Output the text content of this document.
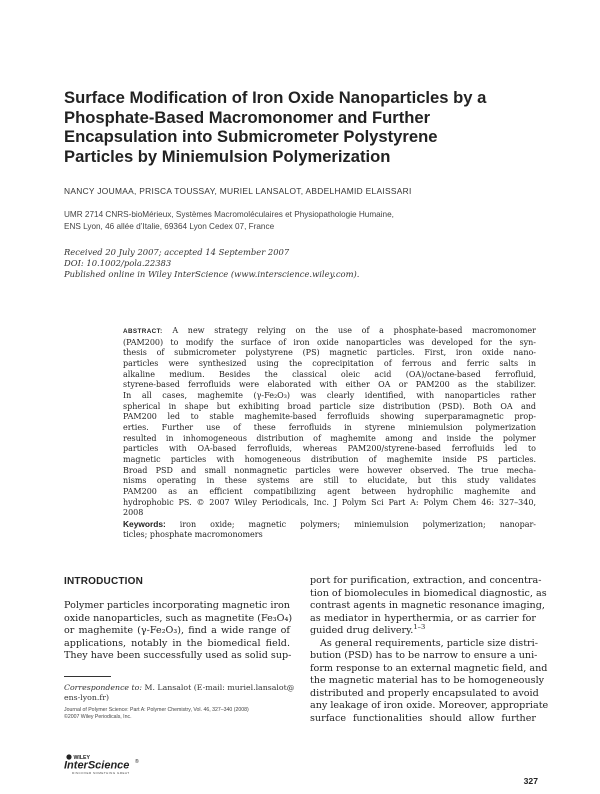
Surface Modification of Iron Oxide Nanoparticles by a
Phosphate-Based Macromonomer and Further
Encapsulation into Submicrometer Polystyrene
Particles by Miniemulsion Polymerization
NANCY JOUMAA, PRISCA TOUSSAY, MURIEL LANSALOT, ABDELHAMID ELAISSARI
UMR 2714 CNRS-bioMérieux, Systèmes Macromoléculaires et Physiopathologie Humaine,
ENS Lyon, 46 allée d’Italie, 69364 Lyon Cedex 07, France
Received 20 July 2007; accepted 14 September 2007
DOI: 10.1002/pola.22383
Published online in Wiley InterScience (www.interscience.wiley.com).
ABSTRACT: A new strategy relying on the use of a phosphate-based macromonomer
(PAM200) to modify the surface of iron oxide nanoparticles was developed for the syn-
thesis of submicrometer polystyrene (PS) magnetic particles. First, iron oxide nano-
particles were synthesized using the coprecipitation of ferrous and ferric salts in
alkaline medium. Besides the classical oleic acid (OA)/octane-based ferrofluid,
styrene-based ferrofluids were elaborated with either OA or PAM200 as the stabilizer.
In all cases, maghemite (γ-Fe₂O₃) was clearly identified, with nanoparticles rather
spherical in shape but exhibiting broad particle size distribution (PSD). Both OA and
PAM200 led to stable maghemite-based ferrofluids showing superparamagnetic prop-
erties. Further use of these ferrofluids in styrene miniemulsion polymerization
resulted in inhomogeneous distribution of maghemite among and inside the polymer
particles with OA-based ferrofluids, whereas PAM200/styrene-based ferrofluids led to
magnetic particles with homogeneous distribution of maghemite inside PS particles.
Broad PSD and small nonmagnetic particles were however observed. The true mecha-
nisms operating in these systems are still to elucidate, but this study validates
PAM200 as an efficient compatibilizing agent between hydrophilic maghemite and
hydrophobic PS. © 2007 Wiley Periodicals, Inc. J Polym Sci Part A: Polym Chem 46: 327–340,
2008
Keywords: iron oxide; magnetic polymers; miniemulsion polymerization; nanopar-
ticles; phosphate macromonomers
INTRODUCTION
Polymer particles incorporating magnetic iron
oxide nanoparticles, such as magnetite (Fe₃O₄)
or maghemite (γ-Fe₂O₃), find a wide range of
applications, notably in the biomedical field.
They have been successfully used as solid sup-
port for purification, extraction, and concentra-
tion of biomolecules in biomedical diagnostic, as
contrast agents in magnetic resonance imaging,
as mediator in hyperthermia, or as carrier for
guided drug delivery.$^{1-3}$
As general requirements, particle size distri-
bution (PSD) has to be narrow to ensure a uni-
form response to an external magnetic field, and
the magnetic material has to be homogeneously
distributed and properly encapsulated to avoid
any leakage of iron oxide. Moreover, appropriate
surface functionalities should allow further
Correspondence to: M. Lansalot (E-mail: muriel.lansalot@
ens-lyon.fr)
Journal of Polymer Science: Part A: Polymer Chemistry, Vol. 46, 327–340 (2008)
©2007 Wiley Periodicals, Inc.
WILEY
InterScience ®
DISCOVER SOMETHING GREAT
327
